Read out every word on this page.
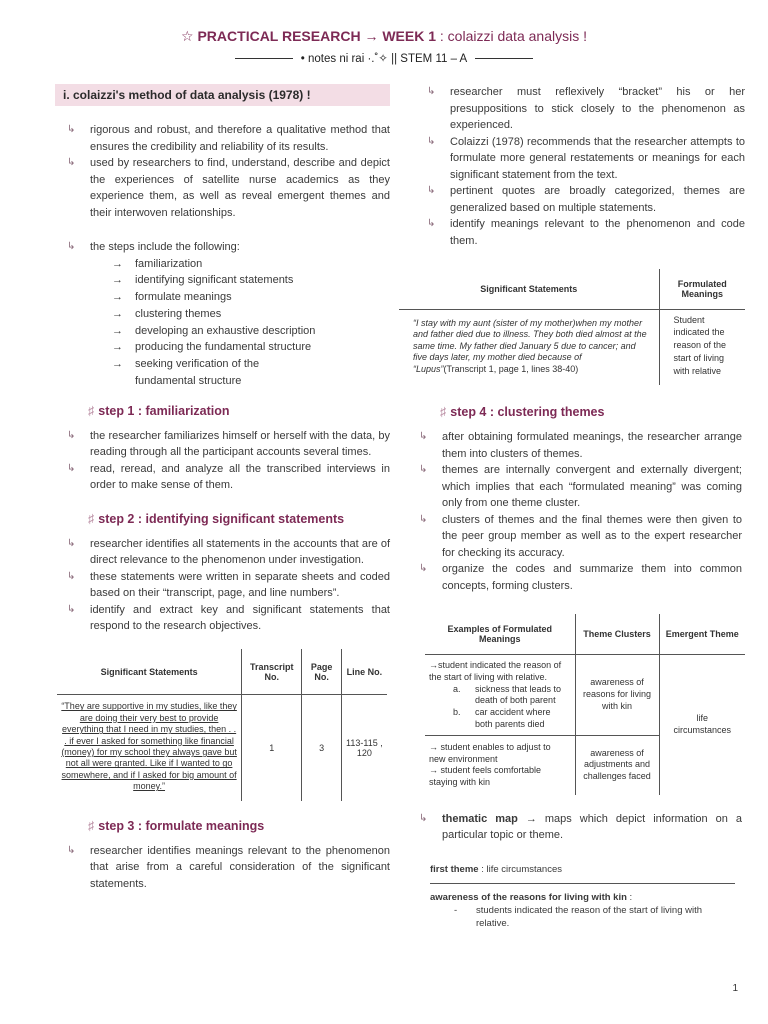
☆ PRACTICAL RESEARCH → WEEK 1 : colaizzi data analysis !
• notes ni rai ·.˚✧ || STEM 11 – A
i. colaizzi's method of data analysis (1978) !
↳ rigorous and robust, and therefore a qualitative method that ensures the credibility and reliability of its results.
↳ used by researchers to find, understand, describe and depict the experiences of satellite nurse academics as they experience them, as well as reveal emergent themes and their interwoven relationships.
↳ the steps include the following:
→ familiarization
→ identifying significant statements
→ formulate meanings
→ clustering themes
→ developing an exhaustive description
→ producing the fundamental structure
→ seeking verification of the fundamental structure
♯ step 1 : familiarization
↳ the researcher familiarizes himself or herself with the data, by reading through all the participant accounts several times.
↳ read, reread, and analyze all the transcribed interviews in order to make sense of them.
♯ step 2 : identifying significant statements
↳ researcher identifies all statements in the accounts that are of direct relevance to the phenomenon under investigation.
↳ these statements were written in separate sheets and coded based on their “transcript, page, and line numbers”.
↳ identify and extract key and significant statements that respond to the research objectives.
Significant Statements	Transcript No.	Page No.	Line No.
“They are supportive in my studies, like they are doing their very best to provide everything that I need in my studies, then . . . if ever I asked for something like financial (money) for my school they always gave but not all were granted. Like if I wanted to go somewhere, and if I asked for big amount of money.”	1	3	113-115 , 120
♯ step 3 : formulate meanings
↳ researcher identifies meanings relevant to the phenomenon that arise from a careful consideration of the significant statements.
↳ researcher must reflexively “bracket” his or her presuppositions to stick closely to the phenomenon as experienced.
↳ Colaizzi (1978) recommends that the researcher attempts to formulate more general restatements or meanings for each significant statement from the text.
↳ pertinent quotes are broadly categorized, themes are generalized based on multiple statements.
↳ identify meanings relevant to the phenomenon and code them.
Significant Statements	Formulated Meanings
“I stay with my aunt (sister of my mother)when my mother and father died due to illness. They both died almost at the same time. My father died January 5 due to cancer; and five days later, my mother died because of “Lupus”(Transcript 1, page 1, lines 38-40)	Student indicated the reason of the start of living with relative
♯ step 4 : clustering themes
↳ after obtaining formulated meanings, the researcher arrange them into clusters of themes.
↳ themes are internally convergent and externally divergent; which implies that each “formulated meaning” was coming only from one theme cluster.
↳ clusters of themes and the final themes were then given to the peer group member as well as to the expert researcher for checking its accuracy.
↳ organize the codes and summarize them into common concepts, forming clusters.
Examples of Formulated Meanings	Theme Clusters	Emergent Theme

→student indicated the reason of the start of living with relative.
a. sickness that leads to death of both parent
b. car accident where both parents died	awareness of reasons for living with kin	life circumstances

→ student enables to adjust to new environment
→ student feels comfortable staying with kin	awareness of adjustments and challenges faced	
↳ thematic map → maps which depict information on a particular topic or theme.
first theme : life circumstances
awareness of the reasons for living with kin :
- students indicated the reason of the start of living with relative.
1
